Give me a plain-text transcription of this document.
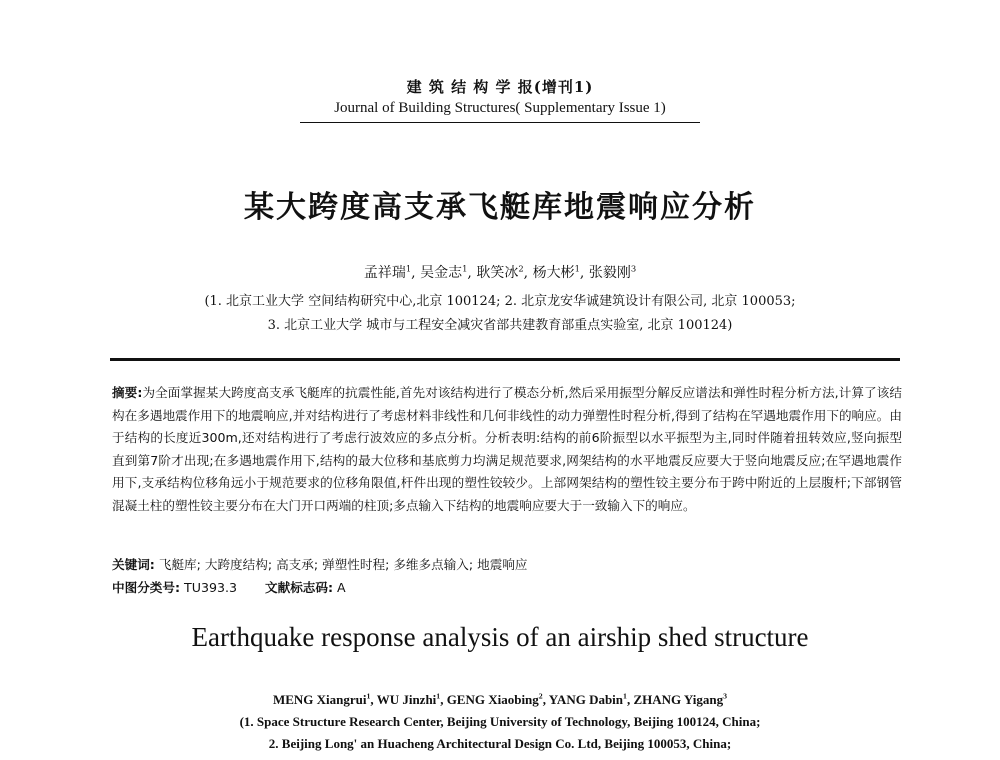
建 筑 结 构 学 报(增刊1)
Journal of Building Structures( Supplementary Issue 1)
某大跨度高支承飞艇库地震响应分析
孟祥瑞$^1$, 吴金志$^1$, 耿笑冰$^2$, 杨大彬$^1$, 张毅刚$^3$
(1. 北京工业大学 空间结构研究中心,北京 100124; 2. 北京龙安华诚建筑设计有限公司, 北京 100053;
3. 北京工业大学 城市与工程安全减灾省部共建教育部重点实验室, 北京 100124)
摘要:为全面掌握某大跨度高支承飞艇库的抗震性能,首先对该结构进行了模态分析,然后采用振型分解反应谱法和弹性时程分析方法,计算了该结构在多遇地震作用下的地震响应,并对结构进行了考虑材料非线性和几何非线性的动力弹塑性时程分析,得到了结构在罕遇地震作用下的响应。由于结构的长度近300m,还对结构进行了考虑行波效应的多点分析。分析表明:结构的前6阶振型以水平振型为主,同时伴随着扭转效应,竖向振型直到第7阶才出现;在多遇地震作用下,结构的最大位移和基底剪力均满足规范要求,网架结构的水平地震反应要大于竖向地震反应;在罕遇地震作用下,支承结构位移角远小于规范要求的位移角限值,杆件出现的塑性铰较少。上部网架结构的塑性铰主要分布于跨中附近的上层腹杆;下部钢管混凝土柱的塑性铰主要分布在大门开口两端的柱顶;多点输入下结构的地震响应要大于一致输入下的响应。
关键词: 飞艇库; 大跨度结构; 高支承; 弹塑性时程; 多维多点输入; 地震响应
中图分类号: TU393.3 文献标志码: A
Earthquake response analysis of an airship shed structure
MENG Xiangrui$^1$, WU Jinzhi$^1$, GENG Xiaobing$^2$, YANG Dabin$^1$, ZHANG Yigang$^3$
(1. Space Structure Research Center, Beijing University of Technology, Beijing 100124, China;
2. Beijing Long' an Huacheng Architectural Design Co. Ltd, Beijing 100053, China;
